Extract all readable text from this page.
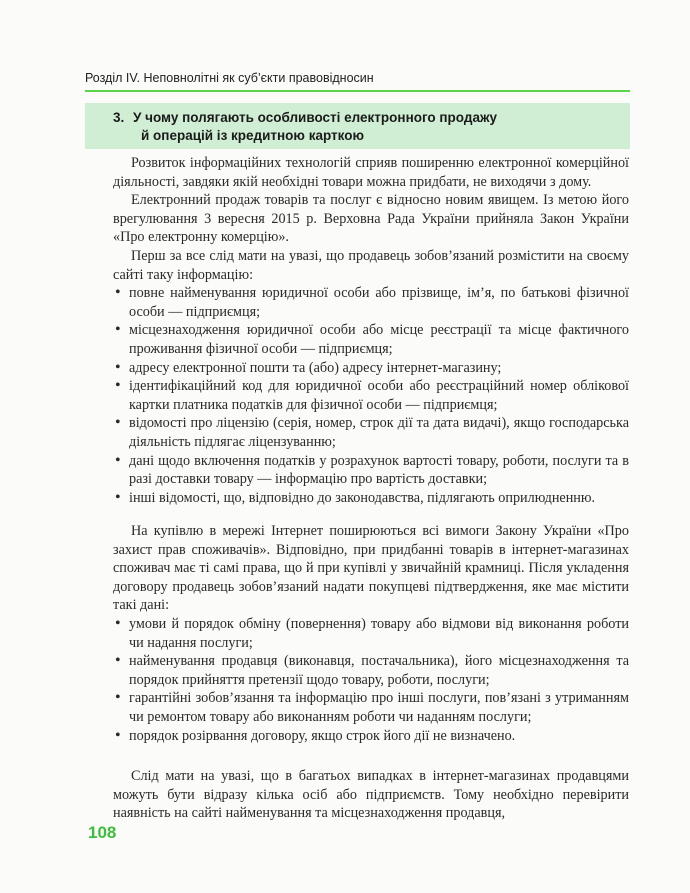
Розділ IV. Неповнолітні як суб’єкти правовідносин
3. У чому полягають особливості електронного продажу
й операцій із кредитною карткою

Розвиток інформаційних технологій сприяв поширенню електронної комерційної діяльності, завдяки якій необхідні товари можна придбати, не виходячи з дому.

Електронний продаж товарів та послуг є відносно новим явищем. Із метою його врегулювання 3 вересня 2015 р. Верховна Рада України прийняла Закон України «Про електронну комерцію».

Перш за все слід мати на увазі, що продавець зобов’язаний розмістити на своєму сайті таку інформацію:

• повне найменування юридичної особи або прізвище, ім’я, по батькові фізичної особи — підприємця;
• місцезнаходження юридичної особи або місце реєстрації та місце фактичного проживання фізичної особи — підприємця;
• адресу електронної пошти та (або) адресу інтернет-магазину;
• ідентифікаційний код для юридичної особи або реєстраційний номер облікової картки платника податків для фізичної особи — підприємця;
• відомості про ліцензію (серія, номер, строк дії та дата видачі), якщо господарська діяльність підлягає ліцензуванню;
• дані щодо включення податків у розрахунок вартості товару, роботи, послуги та в разі доставки товару — інформацію про вартість доставки;
• інші відомості, що, відповідно до законодавства, підлягають оприлюдненню.

На купівлю в мережі Інтернет поширюються всі вимоги Закону України «Про захист прав споживачів». Відповідно, при придбанні товарів в інтернет-магазинах споживач має ті самі права, що й при купівлі у звичайній крамниці. Після укладення договору продавець зобов’язаний надати покупцеві підтвердження, яке має містити такі дані:

• умови й порядок обміну (повернення) товару або відмови від виконання роботи чи надання послуги;
• найменування продавця (виконавця, постачальника), його місцезнаходження та порядок прийняття претензії щодо товару, роботи, послуги;
• гарантійні зобов’язання та інформацію про інші послуги, пов’язані з утриманням чи ремонтом товару або виконанням роботи чи наданням послуги;
• порядок розірвання договору, якщо строк його дії не визначено.

Слід мати на увазі, що в багатьох випадках в інтернет-магазинах продавцями можуть бути відразу кілька осіб або підприємств. Тому необхідно перевірити наявність на сайті найменування та місцезнаходження продавця,

108
